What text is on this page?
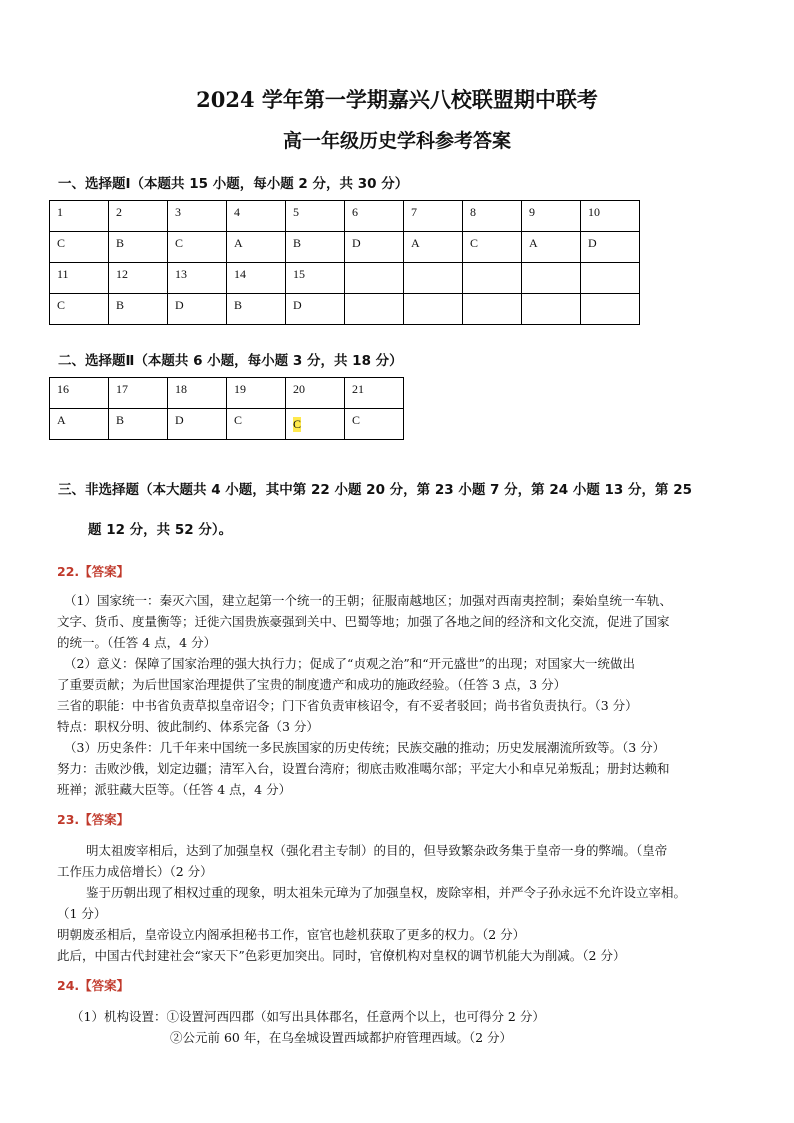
2024 学年第一学期嘉兴八校联盟期中联考
高一年级历史学科参考答案
一、选择题Ⅰ（本题共 15 小题，每小题 2 分，共 30 分）
1	2	3	4	5	6	7	8	9	10
C	B	C	A	B	D	A	C	A	D
11	12	13	14	15					
C	B	D	B	D					
二、选择题Ⅱ（本题共 6 小题，每小题 3 分，共 18 分）
16	17	18	19	20	21
A	B	D	C	C	C
三、非选择题（本大题共 4 小题，其中第 22 小题 20 分，第 23 小题 7 分，第 24 小题 13 分，第 25
题 12 分，共 52 分）。
22.【答案】
（1）国家统一：秦灭六国，建立起第一个统一的王朝；征服南越地区；加强对西南夷控制；秦始皇统一车轨、
文字、货币、度量衡等；迁徙六国贵族豪强到关中、巴蜀等地；加强了各地之间的经济和文化交流，促进了国家
的统一。（任答 4 点，4 分）
（2）意义：保障了国家治理的强大执行力；促成了“贞观之治”和“开元盛世”的出现；对国家大一统做出
了重要贡献；为后世国家治理提供了宝贵的制度遗产和成功的施政经验。（任答 3 点，3 分）
三省的职能：中书省负责草拟皇帝诏令；门下省负责审核诏令，有不妥者驳回；尚书省负责执行。（3 分）
特点：职权分明、彼此制约、体系完备（3 分）
（3）历史条件：几千年来中国统一多民族国家的历史传统；民族交融的推动；历史发展潮流所致等。（3 分）
努力：击败沙俄，划定边疆；清军入台，设置台湾府；彻底击败准噶尔部；平定大小和卓兄弟叛乱；册封达赖和
班禅；派驻藏大臣等。（任答 4 点，4 分）
23.【答案】
明太祖废宰相后，达到了加强皇权（强化君主专制）的目的，但导致繁杂政务集于皇帝一身的弊端。（皇帝
工作压力成倍增长）（2 分）
鉴于历朝出现了相权过重的现象，明太祖朱元璋为了加强皇权，废除宰相，并严令子孙永远不允许设立宰相。
（1 分）
明朝废丞相后，皇帝设立内阁承担秘书工作，宦官也趁机获取了更多的权力。（2 分）
此后，中国古代封建社会“家天下”色彩更加突出。同时，官僚机构对皇权的调节机能大为削减。（2 分）
24.【答案】
（1）机构设置：①设置河西四郡（如写出具体郡名，任意两个以上，也可得分 2 分）
②公元前 60 年，在乌垒城设置西域都护府管理西域。（2 分）
